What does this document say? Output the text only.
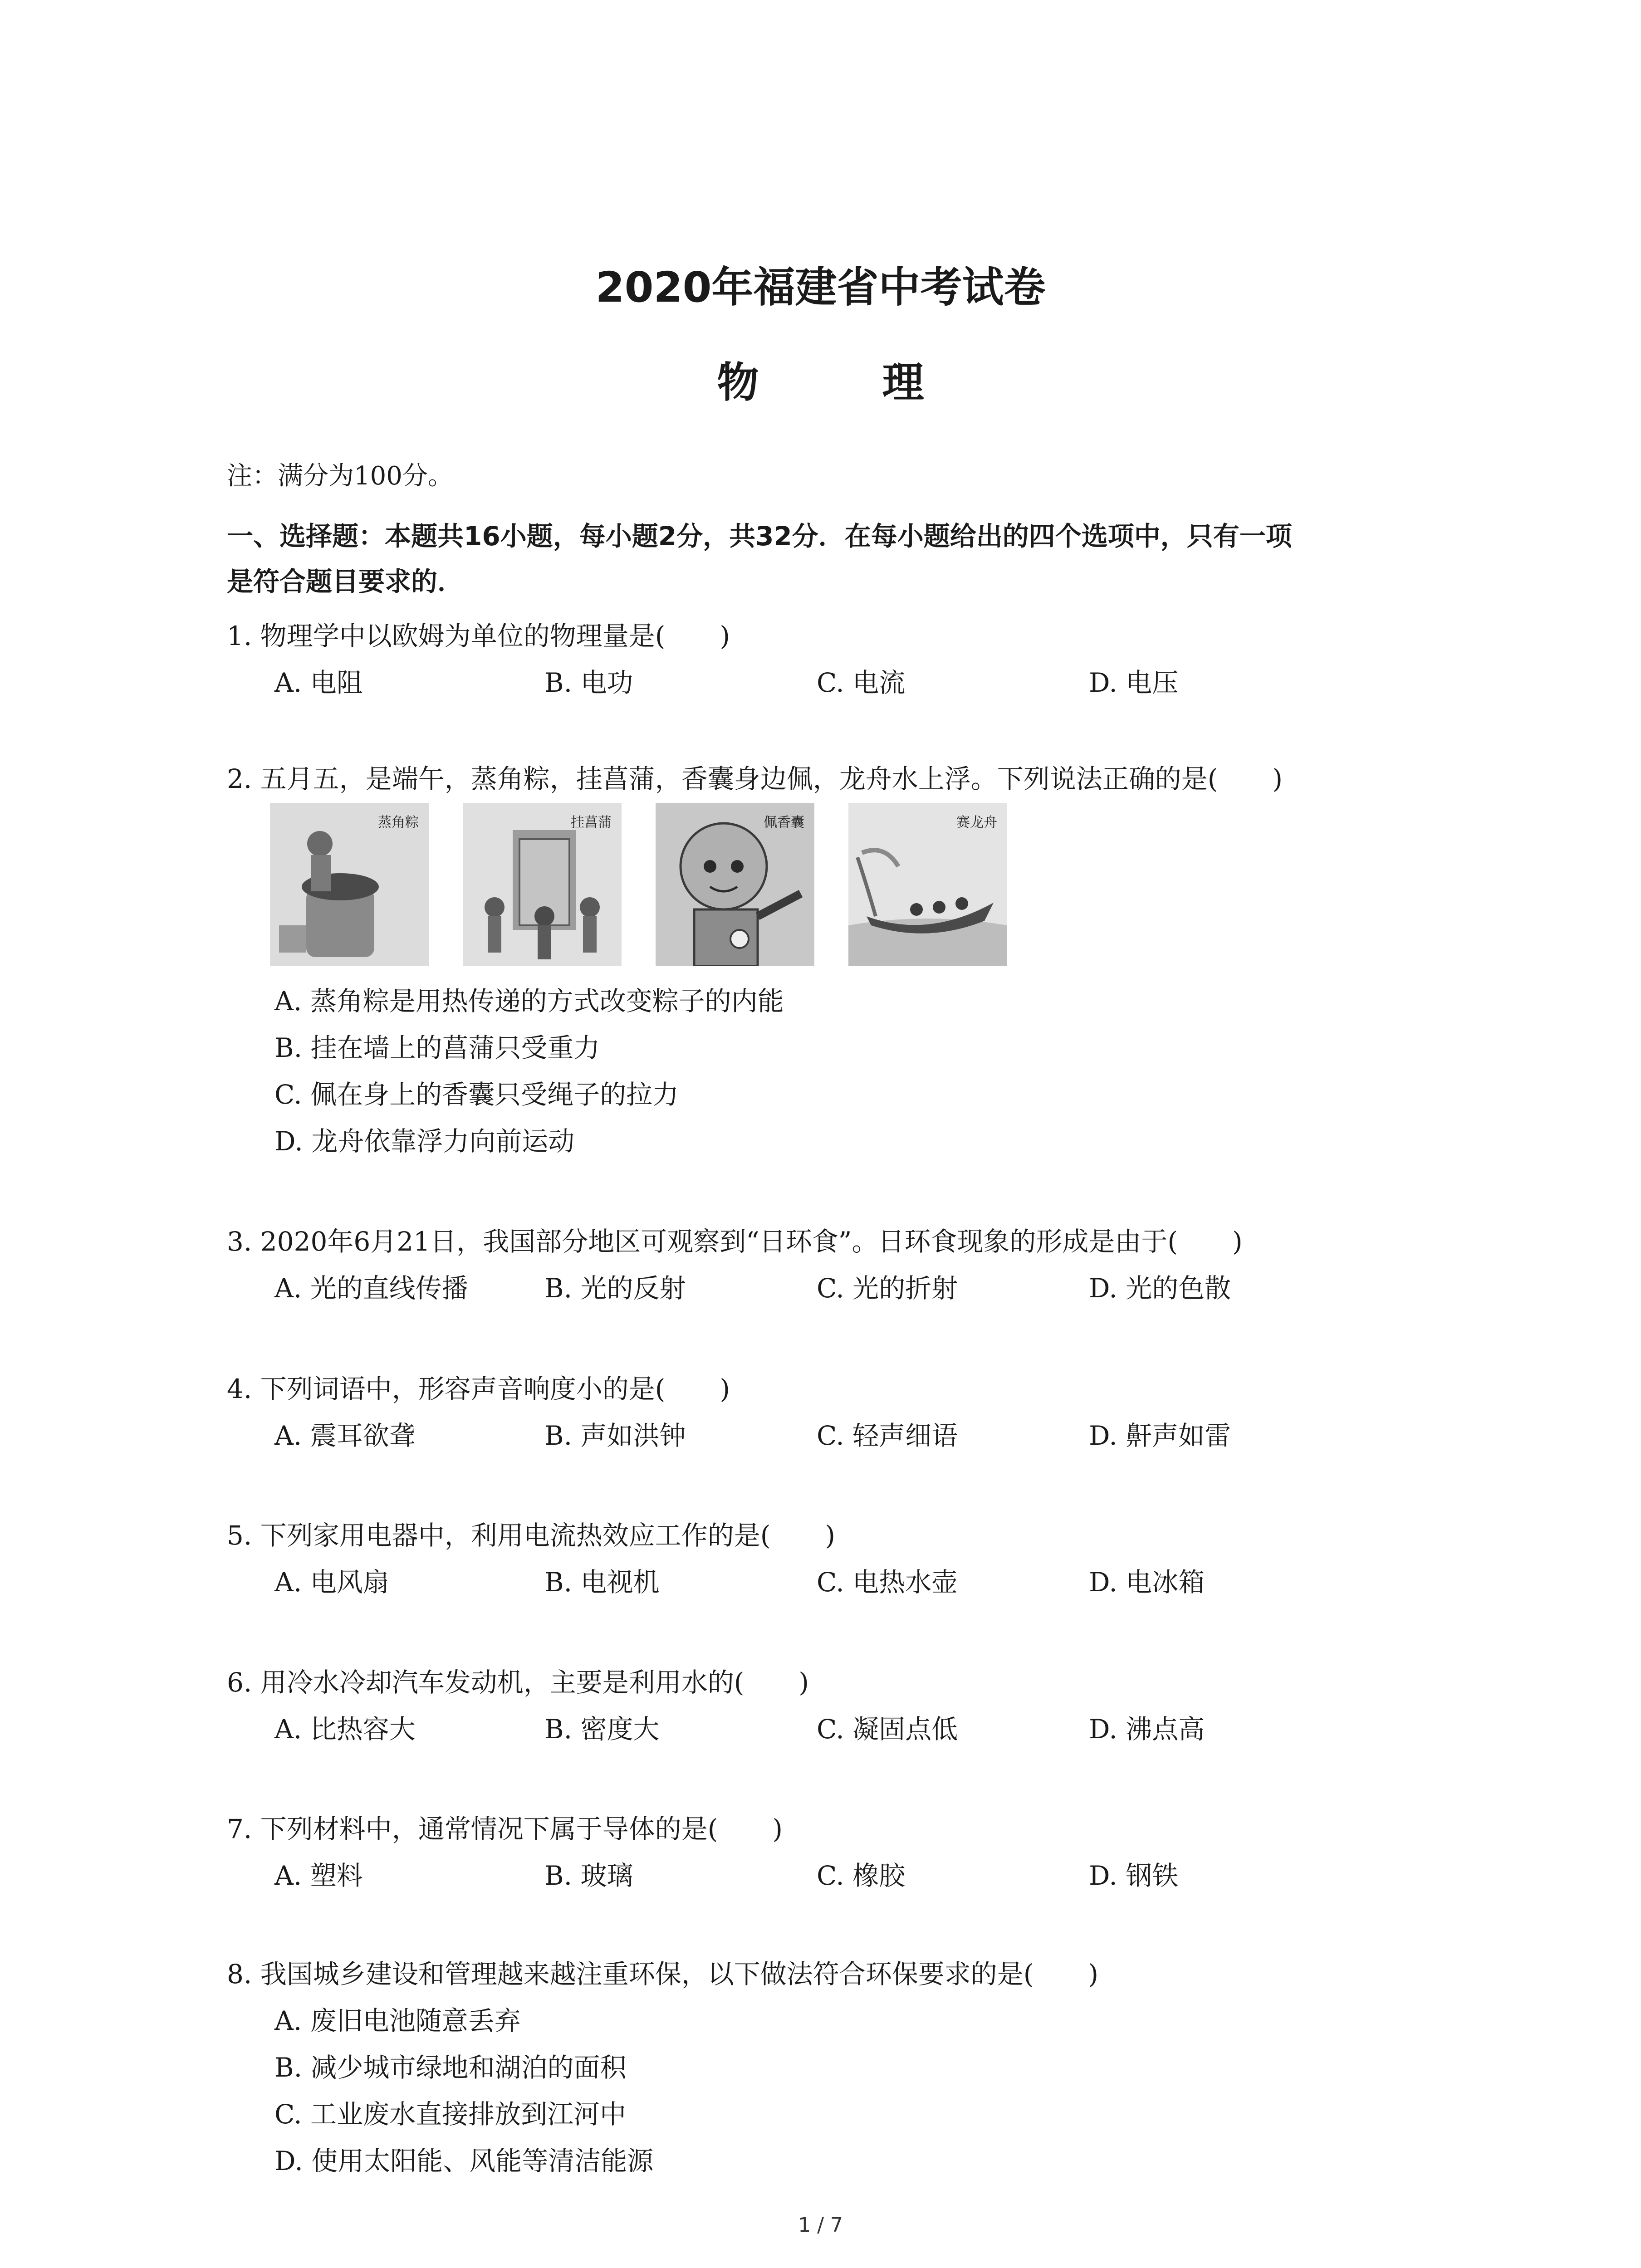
2020年福建省中考试卷
物 理
注：满分为100分。
一、选择题：本题共16小题，每小题2分，共32分．在每小题给出的四个选项中，只有一项
是符合题目要求的．
1. 物理学中以欧姆为单位的物理量是( )
A. 电阻	B. 电功	C. 电流	D. 电压
2. 五月五，是端午，蒸角粽，挂菖蒲，香囊身边佩，龙舟水上浮。下列说法正确的是( )
蒸角粽	挂菖蒲	佩香囊	赛龙舟
A. 蒸角粽是用热传递的方式改变粽子的内能
B. 挂在墙上的菖蒲只受重力
C. 佩在身上的香囊只受绳子的拉力
D. 龙舟依靠浮力向前运动
3. 2020年6月21日，我国部分地区可观察到“日环食”。日环食现象的形成是由于( )
A. 光的直线传播	B. 光的反射	C. 光的折射	D. 光的色散
4. 下列词语中，形容声音响度小的是( )
A. 震耳欲聋	B. 声如洪钟	C. 轻声细语	D. 鼾声如雷
5. 下列家用电器中，利用电流热效应工作的是( )
A. 电风扇	B. 电视机	C. 电热水壶	D. 电冰箱
6. 用冷水冷却汽车发动机，主要是利用水的( )
A. 比热容大	B. 密度大	C. 凝固点低	D. 沸点高
7. 下列材料中，通常情况下属于导体的是( )
A. 塑料	B. 玻璃	C. 橡胶	D. 钢铁
8. 我国城乡建设和管理越来越注重环保，以下做法符合环保要求的是( )
A. 废旧电池随意丢弃
B. 减少城市绿地和湖泊的面积
C. 工业废水直接排放到江河中
D. 使用太阳能、风能等清洁能源
1 / 7
